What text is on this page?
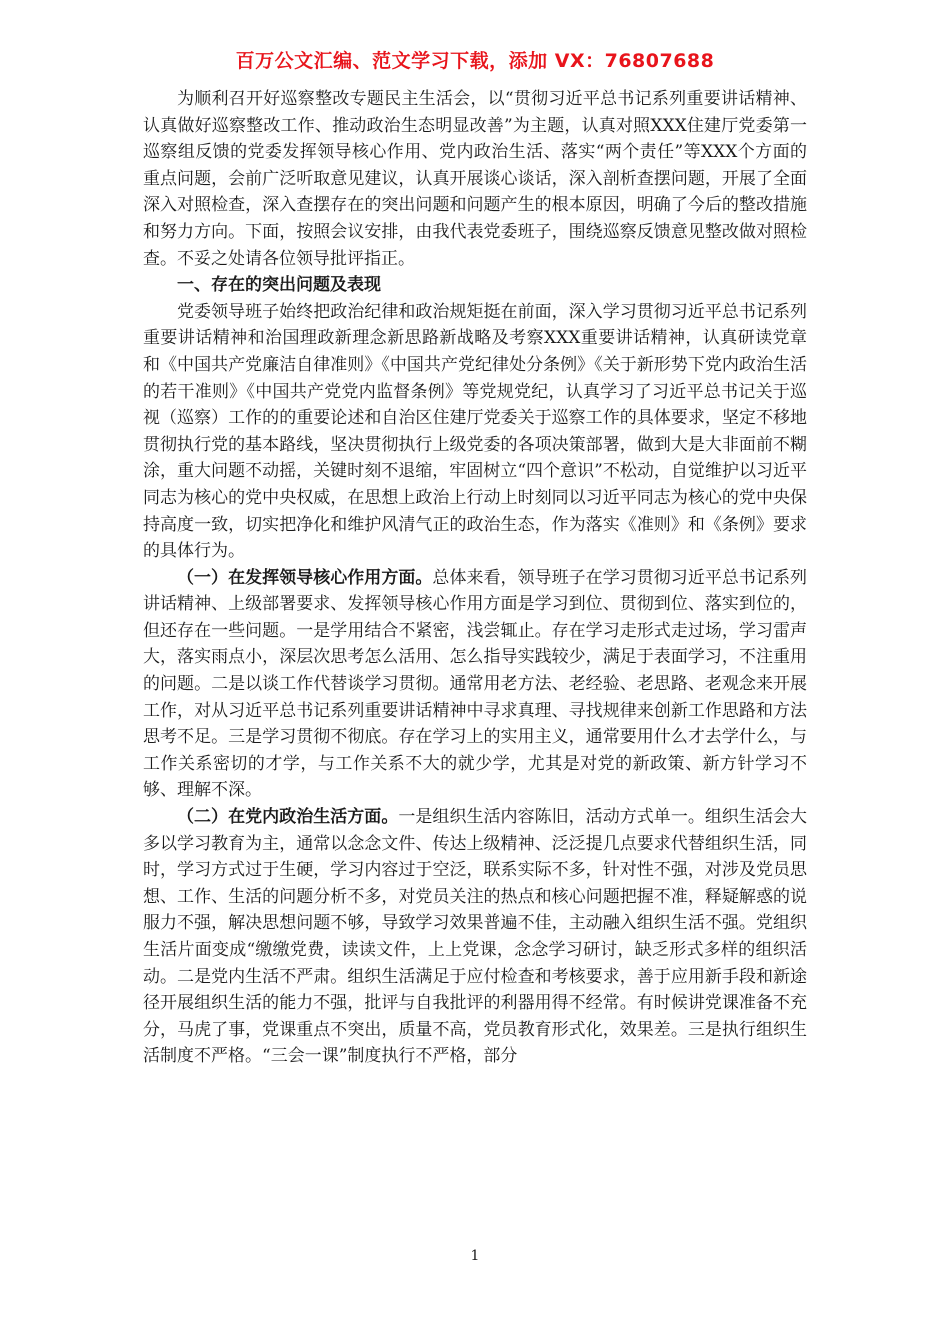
百万公文汇编、范文学习下载，添加 VX：76807688

为顺利召开好巡察整改专题民主生活会，以“贯彻习近平总书记系列重要讲话精神、认真做好巡察整改工作、推动政治生态明显改善”为主题，认真对照XXX住建厅党委第一巡察组反馈的党委发挥领导核心作用、党内政治生活、落实“两个责任”等XXX个方面的重点问题，会前广泛听取意见建议，认真开展谈心谈话，深入剖析查摆问题，开展了全面深入对照检查，深入查摆存在的突出问题和问题产生的根本原因，明确了今后的整改措施和努力方向。下面，按照会议安排，由我代表党委班子，围绕巡察反馈意见整改做对照检查。不妥之处请各位领导批评指正。

一、存在的突出问题及表现

党委领导班子始终把政治纪律和政治规矩挺在前面，深入学习贯彻习近平总书记系列重要讲话精神和治国理政新理念新思路新战略及考察XXX重要讲话精神，认真研读党章和《中国共产党廉洁自律准则》《中国共产党纪律处分条例》《关于新形势下党内政治生活的若干准则》《中国共产党党内监督条例》等党规党纪，认真学习了习近平总书记关于巡视（巡察）工作的的重要论述和自治区住建厅党委关于巡察工作的具体要求，坚定不移地贯彻执行党的基本路线，坚决贯彻执行上级党委的各项决策部署，做到大是大非面前不糊涂，重大问题不动摇，关键时刻不退缩，牢固树立“四个意识”不松动，自觉维护以习近平同志为核心的党中央权威，在思想上政治上行动上时刻同以习近平同志为核心的党中央保持高度一致，切实把净化和维护风清气正的政治生态，作为落实《准则》和《条例》要求的具体行为。

（一）在发挥领导核心作用方面。总体来看，领导班子在学习贯彻习近平总书记系列讲话精神、上级部署要求、发挥领导核心作用方面是学习到位、贯彻到位、落实到位的，但还存在一些问题。一是学用结合不紧密，浅尝辄止。存在学习走形式走过场，学习雷声大，落实雨点小，深层次思考怎么活用、怎么指导实践较少，满足于表面学习，不注重用的问题。二是以谈工作代替谈学习贯彻。通常用老方法、老经验、老思路、老观念来开展工作，对从习近平总书记系列重要讲话精神中寻求真理、寻找规律来创新工作思路和方法思考不足。三是学习贯彻不彻底。存在学习上的实用主义，通常要用什么才去学什么，与工作关系密切的才学，与工作关系不大的就少学，尤其是对党的新政策、新方针学习不够、理解不深。

（二）在党内政治生活方面。一是组织生活内容陈旧，活动方式单一。组织生活会大多以学习教育为主，通常以念念文件、传达上级精神、泛泛提几点要求代替组织生活，同时，学习方式过于生硬，学习内容过于空泛，联系实际不多，针对性不强，对涉及党员思想、工作、生活的问题分析不多，对党员关注的热点和核心问题把握不准，释疑解惑的说服力不强，解决思想问题不够，导致学习效果普遍不佳，主动融入组织生活不强。党组织生活片面变成“缴缴党费，读读文件，上上党课，念念学习研讨，缺乏形式多样的组织活动。二是党内生活不严肃。组织生活满足于应付检查和考核要求，善于应用新手段和新途径开展组织生活的能力不强，批评与自我批评的利器用得不经常。有时候讲党课准备不充分，马虎了事，党课重点不突出，质量不高，党员教育形式化，效果差。三是执行组织生活制度不严格。“三会一课”制度执行不严格，部分

1
